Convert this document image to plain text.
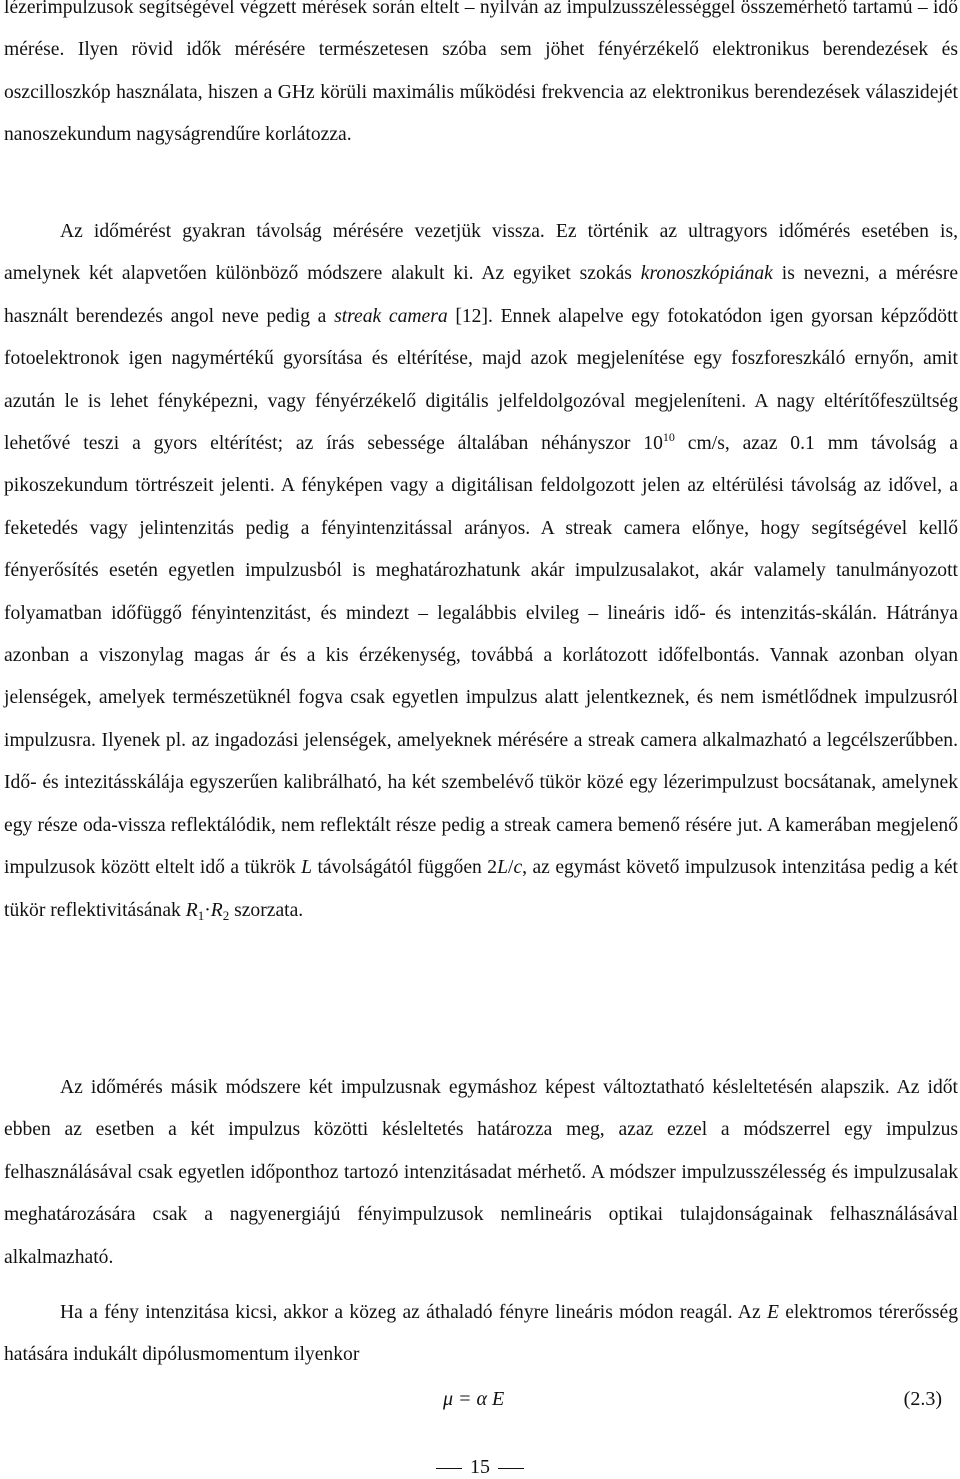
lézerimpulzusok segítségével végzett mérések során eltelt – nyilván az impulzusszélességgel összemérhető tartamú – idő mérése. Ilyen rövid idők mérésére természetesen szóba sem jöhet fényérzékelő elektronikus berendezések és oszcilloszkóp használata, hiszen a GHz körüli maximális működési frekvencia az elektronikus berendezések válaszidejét nanoszekundum nagyságrendűre korlátozza.

Az időmérést gyakran távolság mérésére vezetjük vissza. Ez történik az ultragyors időmérés esetében is, amelynek két alapvetően különböző módszere alakult ki. Az egyiket szokás kronoszkópiának is nevezni, a mérésre használt berendezés angol neve pedig a streak camera [12]. Ennek alapelve egy fotokatódon igen gyorsan képződött fotoelektronok igen nagymértékű gyorsítása és eltérítése, majd azok megjelenítése egy foszforeszkáló ernyőn, amit azután le is lehet fényképezni, vagy fényérzékelő digitális jelfeldolgozóval megjeleníteni. A nagy eltérítőfeszültség lehetővé teszi a gyors eltérítést; az írás sebessége általában néhányszor $10^{10}$ cm/s, azaz 0.1 mm távolság a pikoszekundum törtrészeit jelenti. A fényképen vagy a digitálisan feldolgozott jelen az eltérülési távolság az idővel, a feketedés vagy jelintenzitás pedig a fényintenzitással arányos. A streak camera előnye, hogy segítségével kellő fényerősítés esetén egyetlen impulzusból is meghatározhatunk akár impulzusalakot, akár valamely tanulmányozott folyamatban időfüggő fényintenzitást, és mindezt – legalábbis elvileg – lineáris idő- és intenzitás-skálán. Hátránya azonban a viszonylag magas ár és a kis érzékenység, továbbá a korlátozott időfelbontás. Vannak azonban olyan jelenségek, amelyek természetüknél fogva csak egyetlen impulzus alatt jelentkeznek, és nem ismétlődnek impulzusról impulzusra. Ilyenek pl. az ingadozási jelenségek, amelyeknek mérésére a streak camera alkalmazható a legcélszerűbben. Idő- és intezitásskálája egyszerűen kalibrálható, ha két szembelévő tükör közé egy lézerimpulzust bocsátanak, amelynek egy része oda-vissza reflektálódik, nem reflektált része pedig a streak camera bemenő résére jut. A kamerában megjelenő impulzusok között eltelt idő a tükrök L távolságától függően 2L/c, az egymást követő impulzusok intenzitása pedig a két tükör reflektivitásának $R_1\cdot R_2$ szorzata.

Az időmérés másik módszere két impulzusnak egymáshoz képest változtatható késleltetésén alapszik. Az időt ebben az esetben a két impulzus közötti késleltetés határozza meg, azaz ezzel a módszerrel egy impulzus felhasználásával csak egyetlen időponthoz tartozó intenzitásadat mérhető. A módszer impulzusszélesség és impulzusalak meghatározására csak a nagyenergiájú fényimpulzusok nemlineáris optikai tulajdonságainak felhasználásával alkalmazható.

Ha a fény intenzitása kicsi, akkor a közeg az áthaladó fényre lineáris módon reagál. Az E elektromos térerősség hatására indukált dipólusmomentum ilyenkor

μ = α E	(2.3)
15
